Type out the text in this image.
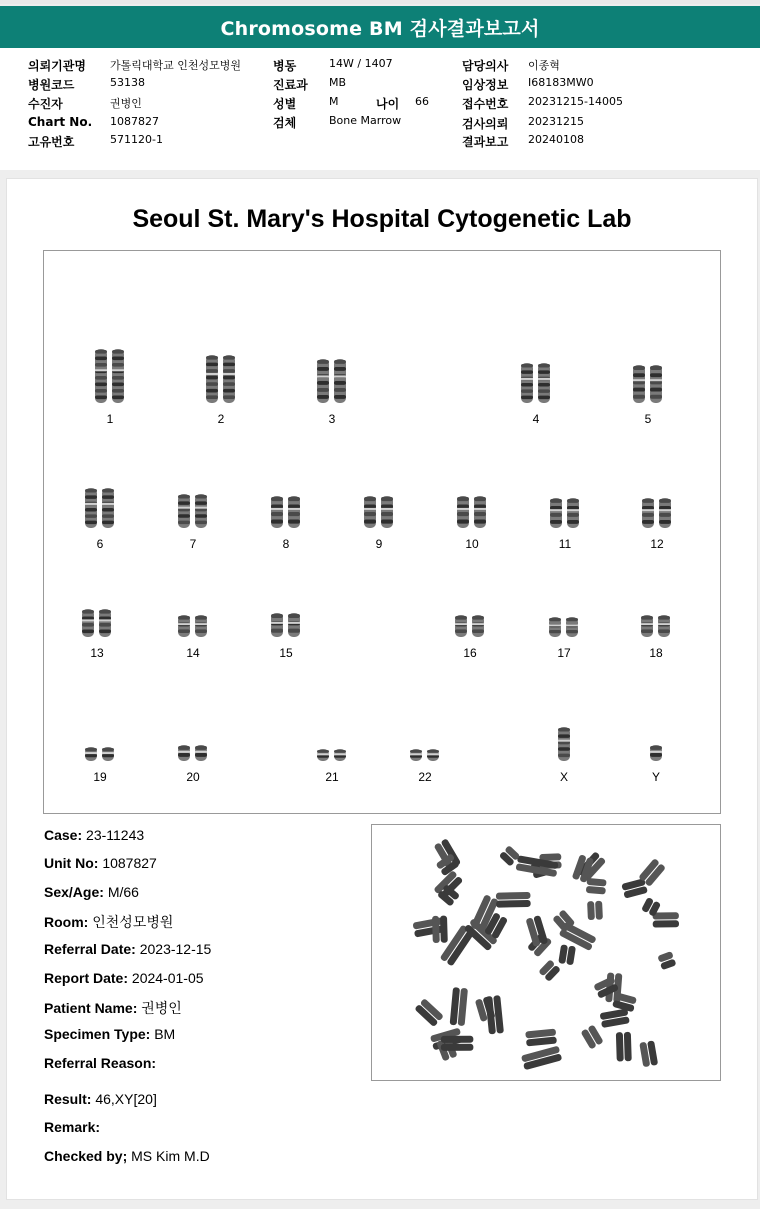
Chromosome BM 검사결과보고서
의뢰기관명 가톨릭대학교 인천성모병원
병원코드	53138
수진자	권병인
Chart No. 1087827
고유번호	571120-1
병동	14W / 1407
진료과 MB
성별	M	나이 66
검체	Bone Marrow
담당의사 이종혁
임상정보 I68183MW0
접수번호 20231215-14005
검사의뢰 20231215
결과보고 20240108
Seoul St. Mary's Hospital Cytogenetic Lab
1	2	3	4	5
6	7	8	9	10	11	12
13	14	15	16	17	18
19	20	21	22	X	Y
Case: 23-11243
Unit No: 1087827
Sex/Age: M/66
Room: 인천성모병원
Referral Date: 2023-12-15
Report Date: 2024-01-05
Patient Name: 권병인
Specimen Type: BM
Referral Reason:
Result: 46,XY[20]
Remark:
Checked by; MS Kim M.D
